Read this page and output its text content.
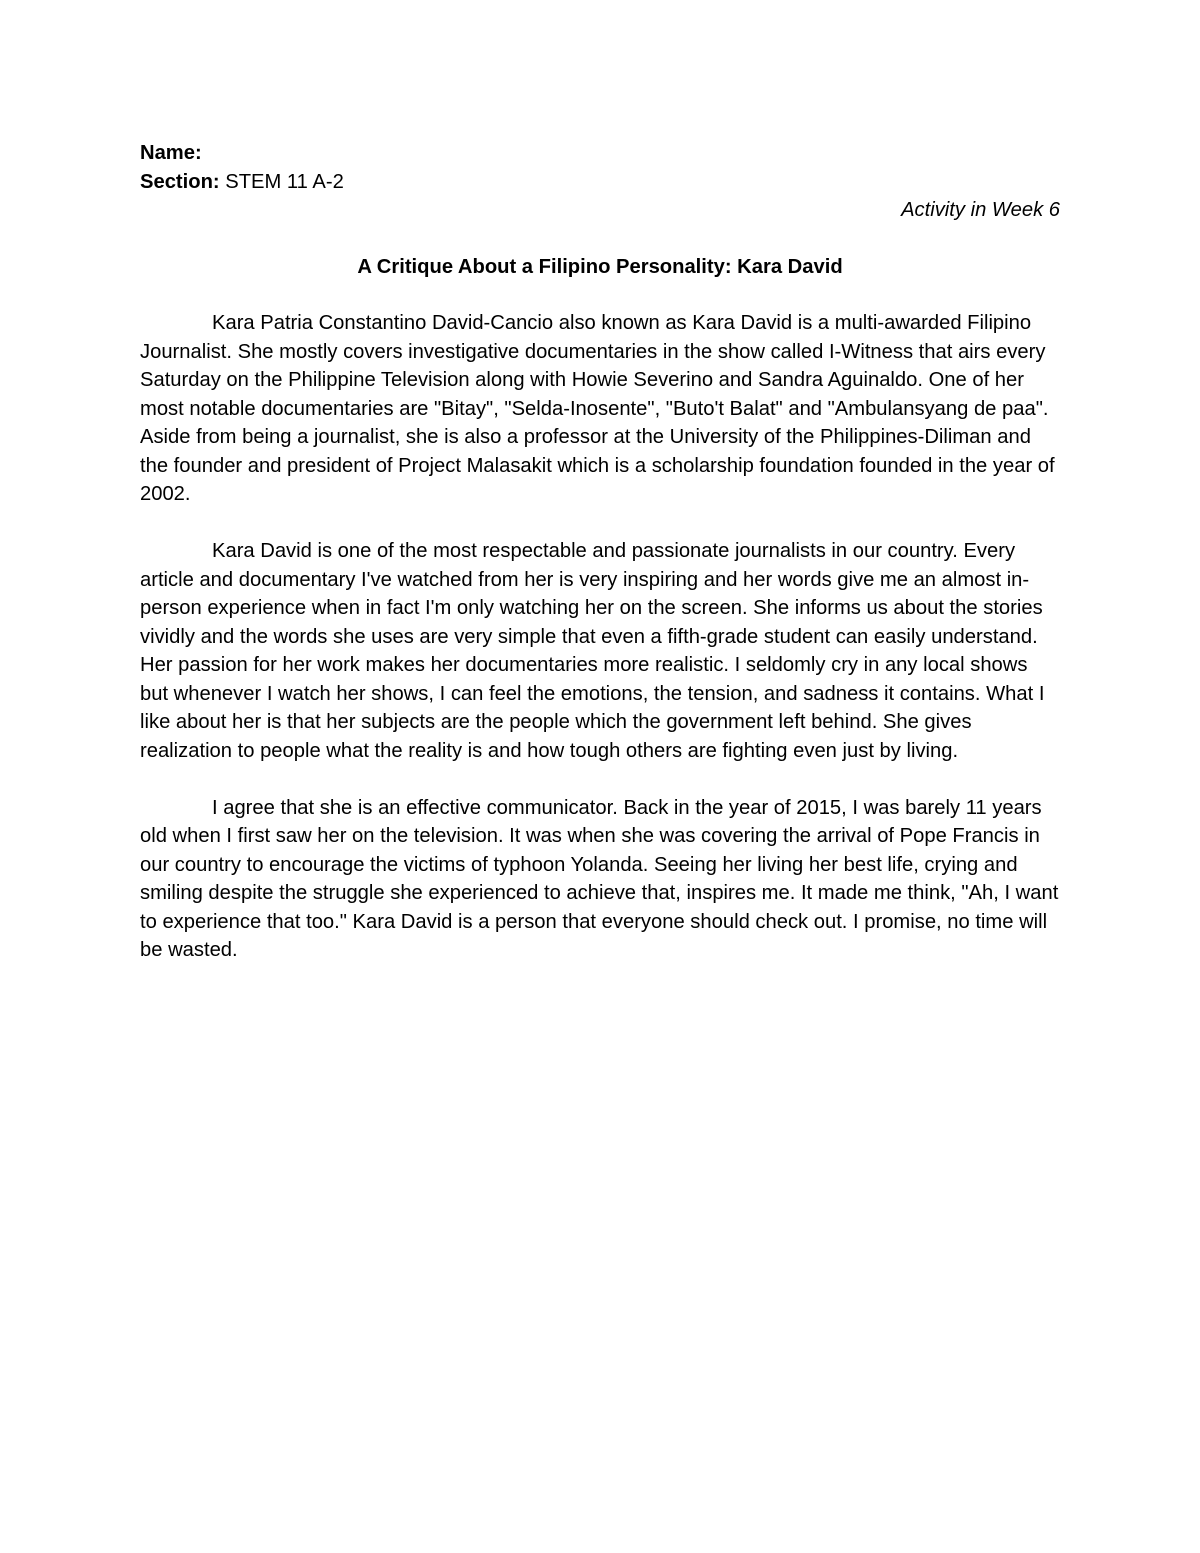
Name:

Section: STEM 11 A-2

Activity in Week 6

A Critique About a Filipino Personality: Kara David

Kara Patria Constantino David-Cancio also known as Kara David is a multi-awarded Filipino Journalist. She mostly covers investigative documentaries in the show called I-Witness that airs every Saturday on the Philippine Television along with Howie Severino and Sandra Aguinaldo. One of her most notable documentaries are "Bitay", "Selda-Inosente", "Buto't Balat" and "Ambulansyang de paa". Aside from being a journalist, she is also a professor at the University of the Philippines-Diliman and the founder and president of Project Malasakit which is a scholarship foundation founded in the year of 2002.

Kara David is one of the most respectable and passionate journalists in our country. Every article and documentary I've watched from her is very inspiring and her words give me an almost in-person experience when in fact I'm only watching her on the screen. She informs us about the stories vividly and the words she uses are very simple that even a fifth-grade student can easily understand. Her passion for her work makes her documentaries more realistic. I seldomly cry in any local shows but whenever I watch her shows, I can feel the emotions, the tension, and sadness it contains. What I like about her is that her subjects are the people which the government left behind. She gives realization to people what the reality is and how tough others are fighting even just by living.

I agree that she is an effective communicator. Back in the year of 2015, I was barely 11 years old when I first saw her on the television. It was when she was covering the arrival of Pope Francis in our country to encourage the victims of typhoon Yolanda. Seeing her living her best life, crying and smiling despite the struggle she experienced to achieve that, inspires me. It made me think, "Ah, I want to experience that too." Kara David is a person that everyone should check out. I promise, no time will be wasted.
